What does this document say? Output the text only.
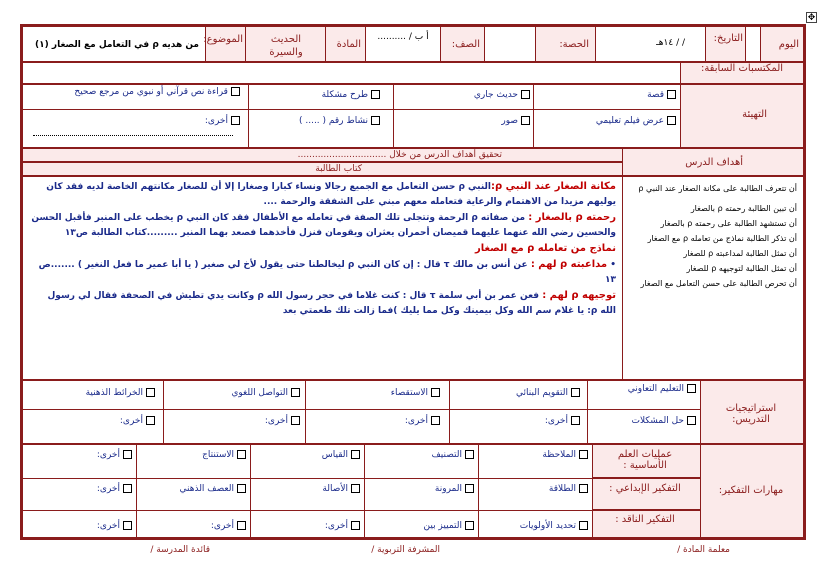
✥
اليوم
التاريخ:
/ / ١٤هـ
الحصة:
الصف:
أ ب / ..........
المادة
الحديث والسيرة
الموضوع:
من هديه ρ في التعامل مع الصغار (١)
المكتسبات السابقة:
التهيئة
قصة
حديث جاري
طرح مشكلة
قراءة نص قرآني أو نبوي من مرجع صحيح
عرض فيلم تعليمي
صور
نشاط رقم ( ..... )
أخرى:
تحقيق أهداف الدرس من خلال ...............................
كتاب الطالبة
أهداف الدرس
مكانة الصغار عند النبي ρ:النبي ρ حسن التعامل مع الجميع رجالا ونساء كبارا وصغارا إلا أن للصغار مكانتهم الخاصة لديه فقد كان يوليهم مزيدا من الاهتمام والرعاية فتعامله معهم مبني على الشفقة والرحمة ....
رحمته ρ بالصغار : من صفاته ρ الرحمة وتتجلى تلك الصفة في تعامله مع الأطفال فقد كان النبي ρ يخطب على المنبر فأقبل الحسن والحسين رضي الله عنهما عليهما قميصان أحمران يعثران ويقومان فنزل فأخذهما فصعد بهما المنبر .........كتاب الطالبة ص١٣
نماذج من تعامله ρ مع الصغار
• مداعبته ρ لهم : عن أنس بن مالك τ قال : إن كان النبي ρ ليخالطنا حتى يقول لأخ لي صغير ( يا أبا عمير ما فعل النغير ) .......ص ١٣
توجيهه ρ لهم : فعن عمر بن أبي سلمة τ قال : كنت غلاما في حجر رسول الله ρ وكانت يدي تطيش في الصحفة فقال لي رسول الله ρ: يا غلام سم الله وكل بيمينك وكل مما يليك )فما زالت تلك طعمتي بعد
أن تتعرف الطالبة على مكانة الصغار عند النبي ρ
أن تبين الطالبة رحمته ρ بالصغار
أن تستشهد الطالبة على رحمته ρ بالصغار
أن تذكر الطالبة نماذج من تعامله ρ مع الصغار
أن تمثل الطالبة لمداعبته ρ للصغار
أن تمثل الطالبة لتوجيهه ρ للصغار
أن تحرص الطالبة على حسن التعامل مع الصغار
استراتيجيات التدريس:
التعليم التعاوني
التقويم البنائي
الاستقصاء
التواصل اللغوي
الخرائط الذهنية
حل المشكلات
أخرى:
أخرى:
أخرى:
أخرى:
مهارات التفكير:
عمليات العلم الأساسية :
التفكير الإبداعي :
التفكير الناقد :
الملاحظة
التصنيف
القياس
الاستنتاج
أخرى:
الطلاقة
المرونة
الأصالة
العصف الذهني
أخرى:
تحديد الأولويات
التمييز بين
أخرى:
أخرى:
أخرى:
معلمة المادة /
المشرفة التربوية /
قائدة المدرسة /
